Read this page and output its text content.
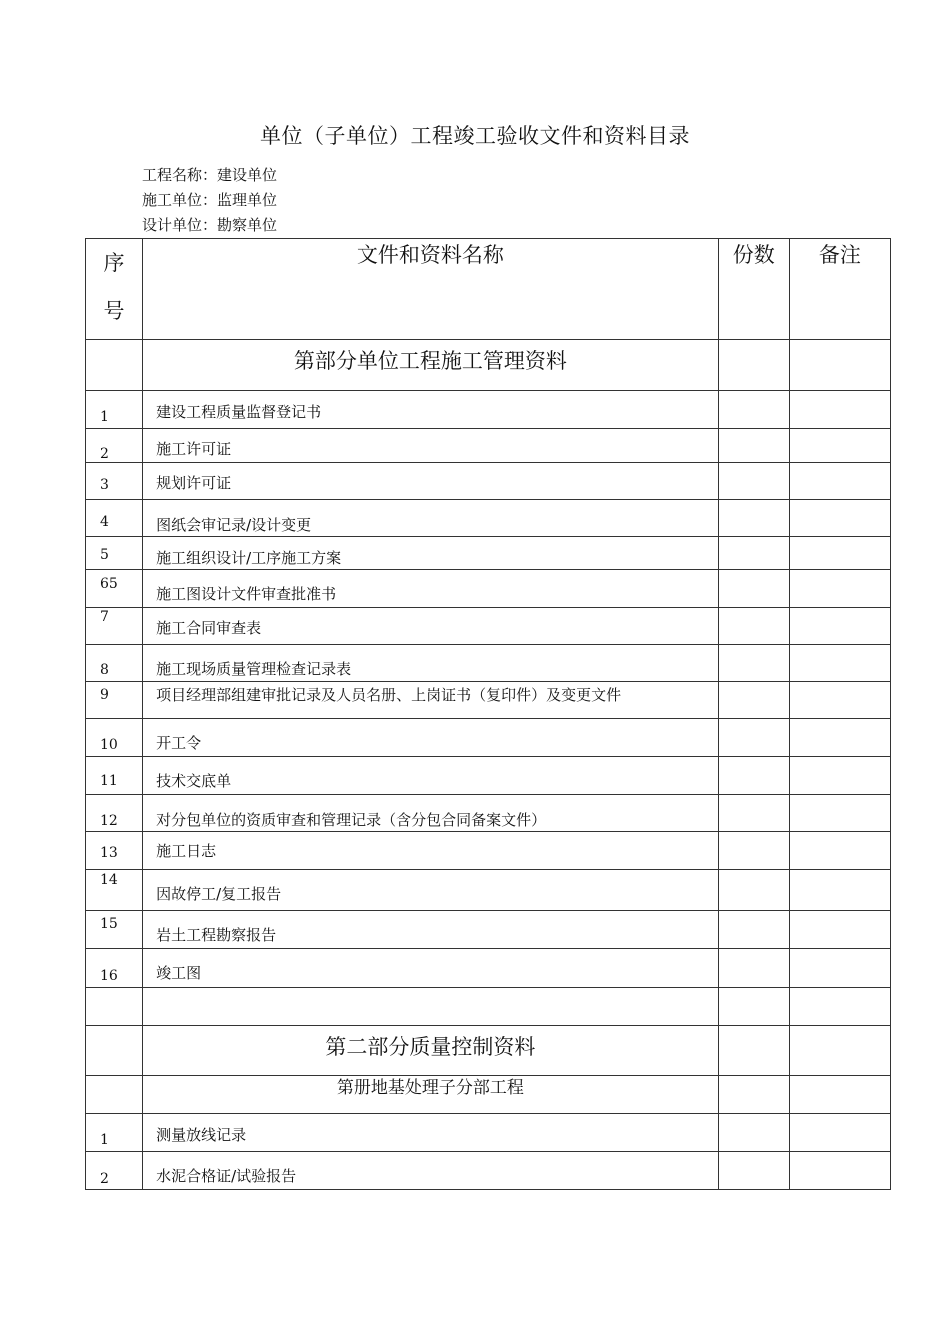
单位（子单位）工程竣工验收文件和资料目录
工程名称：建设单位
施工单位：监理单位
设计单位：勘察单位
序
号	文件和资料名称	份数	备注
	第部分单位工程施工管理资料		
1	建设工程质量监督登记书		
2	施工许可证		
3	规划许可证		
4	图纸会审记录/设计变更		
5	施工组织设计/工序施工方案		
65	施工图设计文件审查批准书		
7	施工合同审查表		
8	施工现场质量管理检查记录表		
9	项目经理部组建审批记录及人员名册、上岗证书（复印件）及变更文件		
10	开工令		
11	技术交底单		
12	对分包单位的资质审查和管理记录（含分包合同备案文件）		
13	施工日志		
14	因故停工/复工报告		
15	岩土工程勘察报告		
16	竣工图		

	第二部分质量控制资料		
	第册地基处理子分部工程		
1	测量放线记录		
2	水泥合格证/试验报告		
